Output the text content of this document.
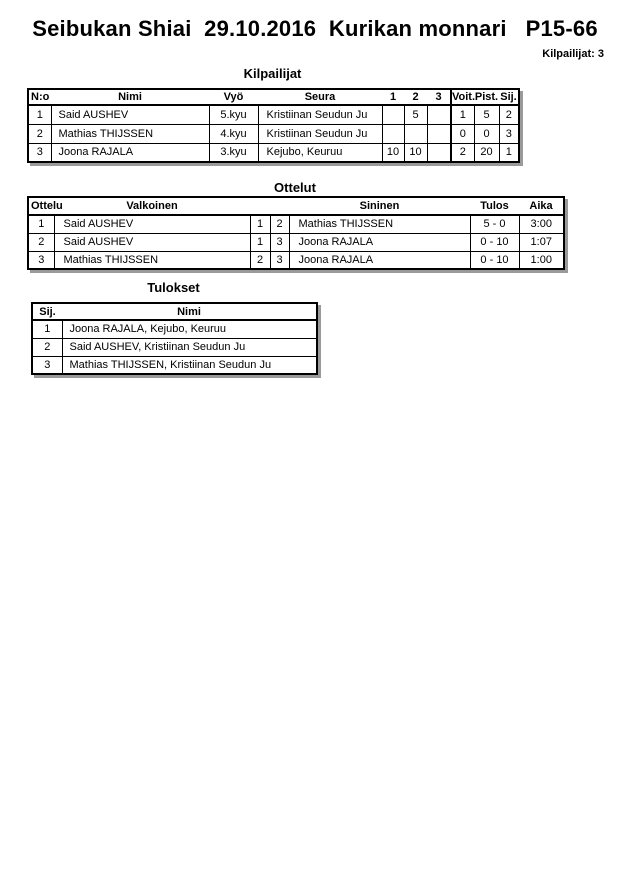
Seibukan Shiai  29.10.2016  Kurikan monnari   P15-66
Kilpailijat: 3
Kilpailijat
N:o	Nimi	Vyö	Seura	1	2	3	Voit.	Pist.	Sij.
1	Said AUSHEV	5.kyu	Kristiinan Seudun Ju		5		1	5	2
2	Mathias THIJSSEN	4.kyu	Kristiinan Seudun Ju				0	0	3
3	Joona RAJALA	3.kyu	Kejubo, Keuruu	10	10		2	20	1
Ottelut
Ottelu	Valkoinen			Sininen	Tulos	Aika
1	Said AUSHEV	1	2	Mathias THIJSSEN	5 - 0	3:00
2	Said AUSHEV	1	3	Joona RAJALA	0 - 10	1:07
3	Mathias THIJSSEN	2	3	Joona RAJALA	0 - 10	1:00
Tulokset
Sij.	Nimi
1	Joona RAJALA, Kejubo, Keuruu
2	Said AUSHEV, Kristiinan Seudun Ju
3	Mathias THIJSSEN, Kristiinan Seudun Ju
